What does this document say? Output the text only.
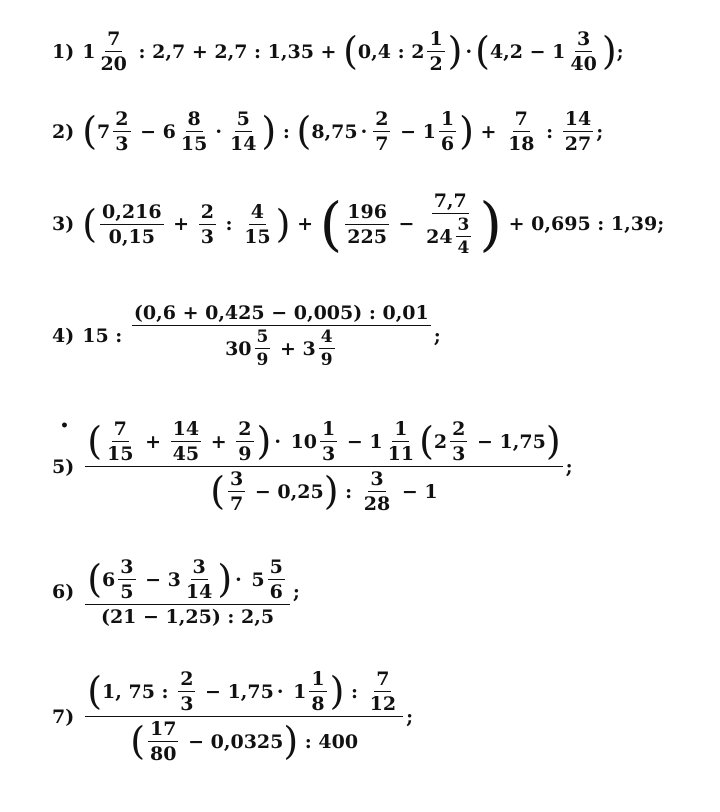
1) $1 \frac{7}{20}$ : 2,7 + 2,7 : 1,35 + ( 0,4 : $2 \frac{1}{2}$ ) · ( $4,2 - 1 \frac{3}{40}$ ) ;
2) ( $7 \frac{2}{3} - 6 \frac{8}{15} \cdot \frac{5}{14}$ ) : ( $8,75 \cdot \frac{2}{7} - 1 \frac{1}{6}$ ) + $\frac{7}{18}$ : $\frac{14}{27}$ ;
3) ( $\frac{0,216}{0,15} + \frac{2}{3}$ : $\frac{4}{15}$ ) + ( $\frac{196}{225} - \frac{7,7}{24 \frac{3}{4}}$ ) + 0,695 : 1,39;
4) 15 : $\frac{(0,6 + 0,425 - 0,005) : 0,01}{30 \frac{5}{9} + 3 \frac{4}{9}}$ ;
•
5)
( $\frac{7}{15} + \frac{14}{45} + \frac{2}{9}$ ) · $10 \frac{1}{3} - 1 \frac{1}{11}$ ( $2 \frac{2}{3} - 1,75$ )
( $\frac{3}{7} - 0,25$ ) : $\frac{3}{28} - 1$
;
6) ( $6 \frac{3}{5} - 3 \frac{3}{14}$ ) · $5 \frac{5}{6}$
(21 − 1,25) : 2,5
;
7)
( 1, 75 : $\frac{2}{3} - 1,75 \cdot 1 \frac{1}{8}$ ) : $\frac{7}{12}$
( $\frac{17}{80} - 0,0325$ ) : 400
;
